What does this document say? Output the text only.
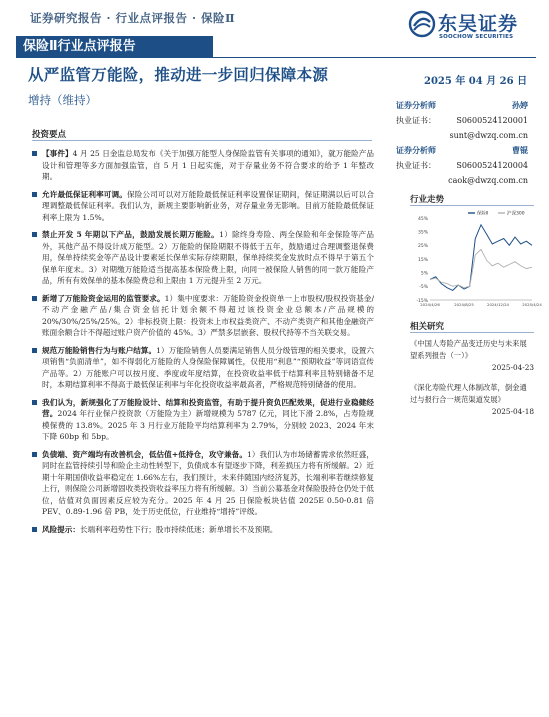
证券研究报告 · 行业点评报告 · 保险Ⅱ	东吴证券
SOOCHOW SECURITIES
保险Ⅱ行业点评报告
从严监管万能险，推动进一步回归保障本源	2025 年 04 月 26 日
增持（维持）	证券分析师	孙婷
执业证书：	S0600524120001
sunt@dwzq.com.cn
证券分析师	曹锟
执业证书：	S0600524120004
caok@dwzq.com.cn
投资要点
【事件】4 月 25 日金监总局发布《关于加强万能型人身保险监管有关事项的通知》，就万能险产品设计和管理等多方面加强监管，自 5 月 1 日起实施，对于存量业务不符合要求的给予 1 年整改期。
允许最低保证利率可调。保险公司可以对万能险最低保证利率设置保证期间，保证期满以后可以合理调整最低保证利率。我们认为，新规主要影响新业务，对存量业务无影响。目前万能险最低保证利率上限为 1.5%。
禁止开发 5 年期以下产品，鼓励发展长期万能险。1）除终身寿险、两全保险和年金保险等产品外，其他产品不得设计成万能型。2）万能险的保险期限不得低于五年，鼓励通过合理调整退保费用，保单持续奖金等产品设计要素延长保单实际存续期限，保单持续奖金发放时点不得早于第五个保单年度末。3）对期缴万能险适当提高基本保险费上限，向同一被保险人销售的同一款万能险产品，所有有效保单的基本保险费总和上限由 1 万元提升至 2 万元。
新增了万能险资金运用的监管要求。1）集中度要求：万能险资金投资单一上市股权/股权投资基金/不动产金融产品/集合资金信托计划余额不得超过该投资金业总额本/产品规模的 20%/30%/25%/25%。2）非标投资上限：投资未上市权益类资产、不动产类资产和其他金融资产账面余额合计不得超过账户资产价值的 45%。3）严禁多层嵌套、股权代持等不当关联交易。
规范万能险销售行为与账户结算。1）万能险销售人员要满足销售人员分级管理的相关要求，设置六项销售“负面清单”，如不得弱化万能险的人身保险保障属性，仅使用“利息”“预期收益”等词语宣传产品等。2）万能账户可以按月度、季度或年度结算，在投资收益率低于结算利率且特别储备不足时，本期结算利率不得高于最低保证利率与年化投资收益率最高者，严格规范特别储备的使用。
我们认为，新规强化了万能险设计、结算和投资监管，有助于提升资负匹配效果，促进行业稳健经营。2024 年行业保户投资款（万能险为主）新增规模为 5787 亿元，同比下滑 2.8%，占寿险规模保费的 13.8%。2025 年 3 月行业万能险平均结算利率为 2.79%，分别较 2023、2024 年末下降 60bp 和 5bp。
负债端、资产端均有改善机会，低估值+低持仓，攻守兼备。1）我们认为市场储蓄需求依然旺盛，同时在监管持续引导和险企主动性转型下，负债成本有望逐步下降，利差损压力将有所缓解。2）近期十年期国债收益率稳定在 1.66%左右，我们预计，未来伴随国内经济复苏，长端利率若继续修复上行，则保险公司新增固收类投资收益率压力将有所缓解。3）当前公募基金对保险股持仓仍处于低位，估值对负面因素反应较为充分。2025 年 4 月 25 日保险板块估值 2025E 0.50-0.81 倍 PEV、0.89-1.96 倍 PB，处于历史低位，行业维持“增持”评级。
风险提示：长端利率趋势性下行；股市持续低迷；新单增长不及预期。
行业走势
45%
35%
25%
15%
5%
-5%
-15%
2024/4/26	2024/8/25	2024/12/24	2025/4/24
保险Ⅱ	沪深300
相关研究
《中国人寿险产品变迁历史与未来展望系列报告（一）》
2025-04-23
《深化寿险代理人体制改革，倒金通过与报行合一规范渠道发展》
2025-04-18
